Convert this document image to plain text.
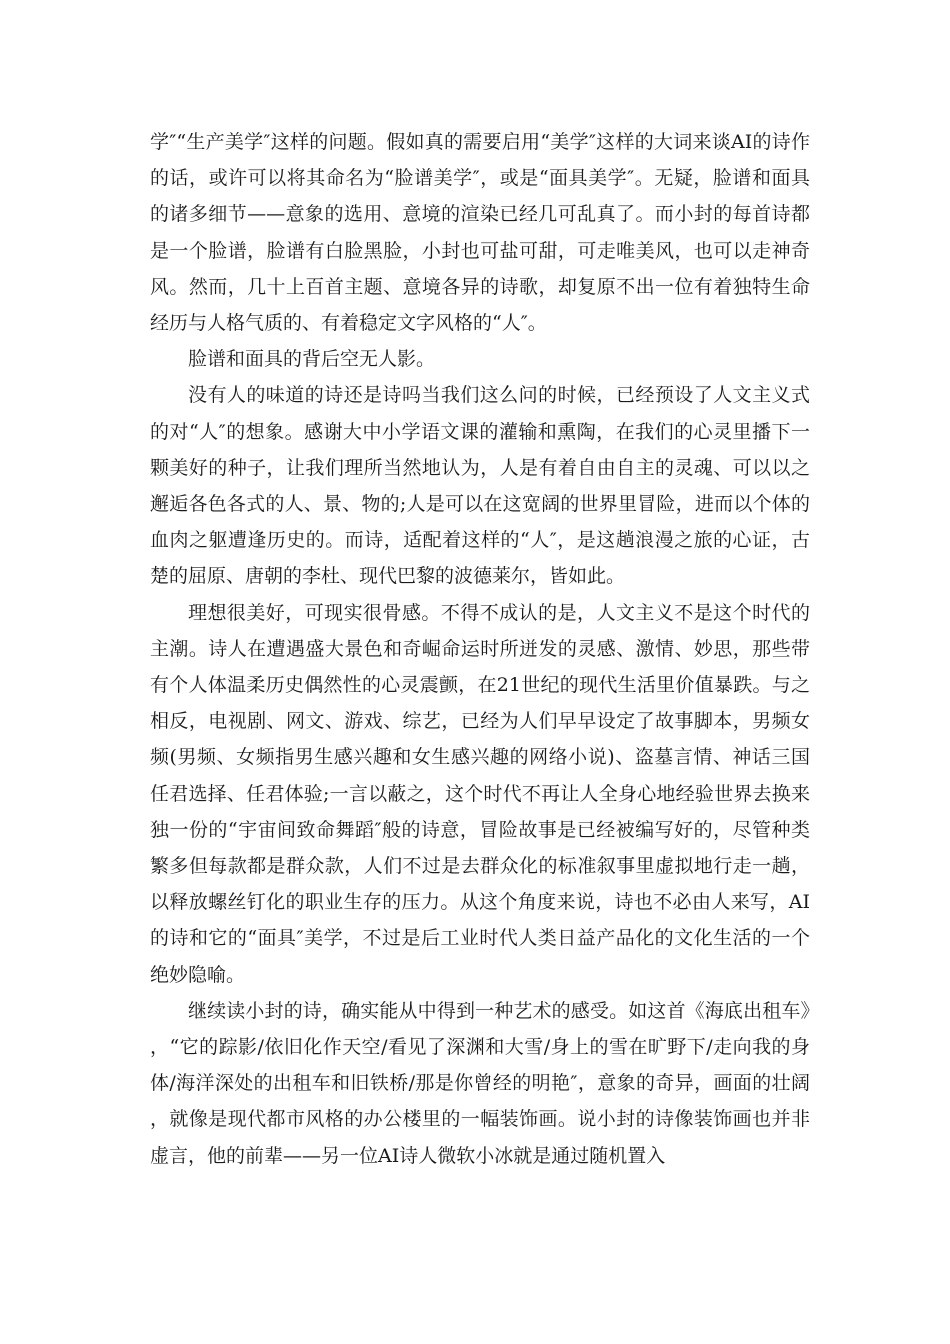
学″“生产美学″这样的问题。假如真的需要启用“美学″这样的大词来谈AI的诗作的话，或许可以将其命名为“脸谱美学″，或是“面具美学″。无疑，脸谱和面具的诸多细节——意象的选用、意境的渲染已经几可乱真了。而小封的每首诗都是一个脸谱，脸谱有白脸黑脸，小封也可盐可甜，可走唯美风，也可以走神奇风。然而，几十上百首主题、意境各异的诗歌，却复原不出一位有着独特生命经历与人格气质的、有着稳定文字风格的“人″。

脸谱和面具的背后空无人影。

没有人的味道的诗还是诗吗当我们这么问的时候，已经预设了人文主义式的对“人″的想象。感谢大中小学语文课的灌输和熏陶，在我们的心灵里播下一颗美好的种子，让我们理所当然地认为，人是有着自由自主的灵魂、可以以之邂逅各色各式的人、景、物的;人是可以在这宽阔的世界里冒险，进而以个体的血肉之躯遭逢历史的。而诗，适配着这样的“人″，是这趟浪漫之旅的心证，古楚的屈原、唐朝的李杜、现代巴黎的波德莱尔，皆如此。

理想很美好，可现实很骨感。不得不成认的是，人文主义不是这个时代的主潮。诗人在遭遇盛大景色和奇崛命运时所迸发的灵感、激情、妙思，那些带有个人体温柔历史偶然性的心灵震颤，在21世纪的现代生活里价值暴跌。与之相反，电视剧、网文、游戏、综艺，已经为人们早早设定了故事脚本，男频女频(男频、女频指男生感兴趣和女生感兴趣的网络小说)、盗墓言情、神话三国任君选择、任君体验;一言以蔽之，这个时代不再让人全身心地经验世界去换来独一份的“宇宙间致命舞蹈″般的诗意，冒险故事是已经被编写好的，尽管种类繁多但每款都是群众款，人们不过是去群众化的标准叙事里虚拟地行走一趟，以释放螺丝钉化的职业生存的压力。从这个角度来说，诗也不必由人来写，AI的诗和它的“面具″美学，不过是后工业时代人类日益产品化的文化生活的一个绝妙隐喻。

继续读小封的诗，确实能从中得到一种艺术的感受。如这首《海底出租车》，“它的踪影/依旧化作天空/看见了深渊和大雪/身上的雪在旷野下/走向我的身体/海洋深处的出租车和旧铁桥/那是你曾经的明艳″，意象的奇异，画面的壮阔，就像是现代都市风格的办公楼里的一幅装饰画。说小封的诗像装饰画也并非虚言，他的前辈——另一位AI诗人微软小冰就是通过随机置入
